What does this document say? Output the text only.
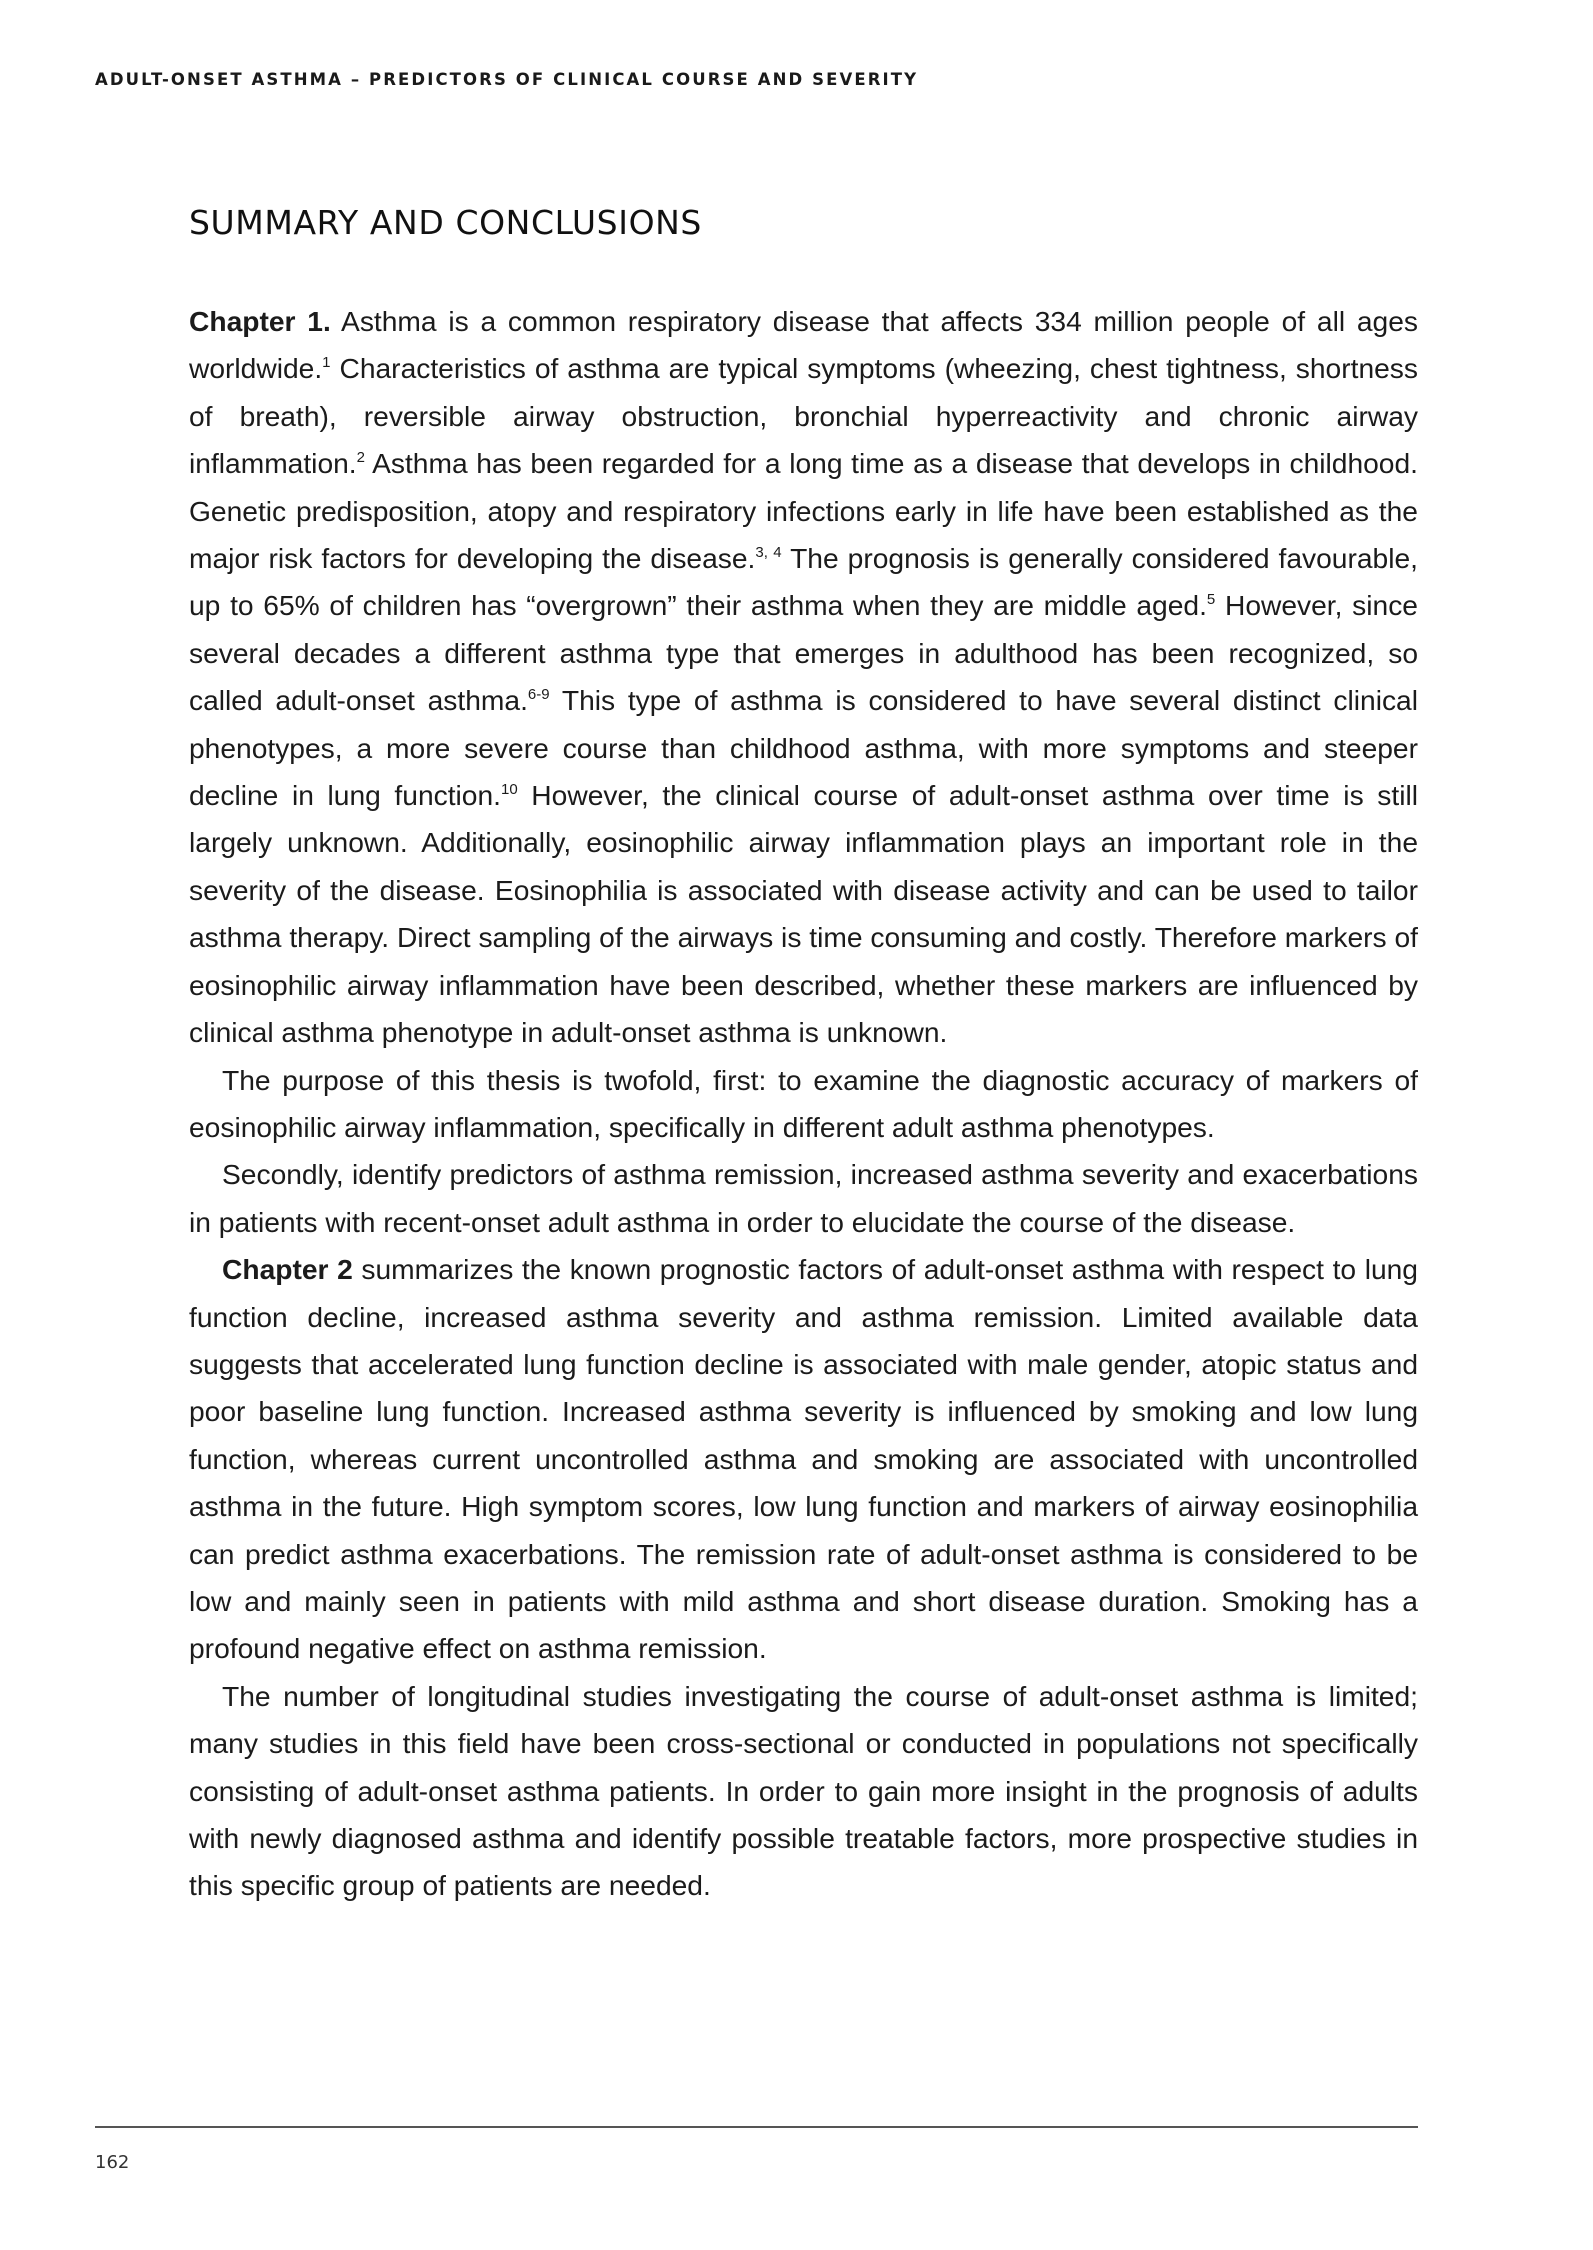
ADULT-ONSET ASTHMA – PREDICTORS OF CLINICAL COURSE AND SEVERITY
SUMMARY AND CONCLUSIONS

Chapter 1. Asthma is a common respiratory disease that affects 334 million people of all ages worldwide.$^1$ Characteristics of asthma are typical symptoms (wheezing, chest tightness, shortness of breath), reversible airway obstruction, bronchial hyperreactivity and chronic airway inflammation.$^2$ Asthma has been regarded for a long time as a disease that develops in childhood. Genetic predisposition, atopy and respiratory infections early in life have been established as the major risk factors for developing the disease.$^{3, 4}$ The prognosis is generally considered favourable, up to 65% of children has “overgrown” their asthma when they are middle aged.$^5$ However, since several decades a different asthma type that emerges in adulthood has been recognized, so called adult-onset asthma.$^{6-9}$ This type of asthma is considered to have several distinct clinical phenotypes, a more severe course than childhood asthma, with more symptoms and steeper decline in lung function.$^{10}$ However, the clinical course of adult-onset asthma over time is still largely unknown. Additionally, eosinophilic airway inflammation plays an important role in the severity of the disease. Eosinophilia is associated with disease activity and can be used to tailor asthma therapy. Direct sampling of the airways is time consuming and costly. Therefore markers of eosinophilic airway inflammation have been described, whether these markers are influenced by clinical asthma phenotype in adult-onset asthma is unknown.

The purpose of this thesis is twofold, first: to examine the diagnostic accuracy of markers of eosinophilic airway inflammation, specifically in different adult asthma phenotypes.

Secondly, identify predictors of asthma remission, increased asthma severity and exacerbations in patients with recent-onset adult asthma in order to elucidate the course of the disease.

Chapter 2 summarizes the known prognostic factors of adult-onset asthma with respect to lung function decline, increased asthma severity and asthma remission. Limited available data suggests that accelerated lung function decline is associated with male gender, atopic status and poor baseline lung function. Increased asthma severity is influenced by smoking and low lung function, whereas current uncontrolled asthma and smoking are associated with uncontrolled asthma in the future. High symptom scores, low lung function and markers of airway eosinophilia can predict asthma exacerbations. The remission rate of adult-onset asthma is considered to be low and mainly seen in patients with mild asthma and short disease duration. Smoking has a profound negative effect on asthma remission.

The number of longitudinal studies investigating the course of adult-onset asthma is limited; many studies in this field have been cross-sectional or conducted in populations not specifically consisting of adult-onset asthma patients. In order to gain more insight in the prognosis of adults with newly diagnosed asthma and identify possible treatable factors, more prospective studies in this specific group of patients are needed.

162
